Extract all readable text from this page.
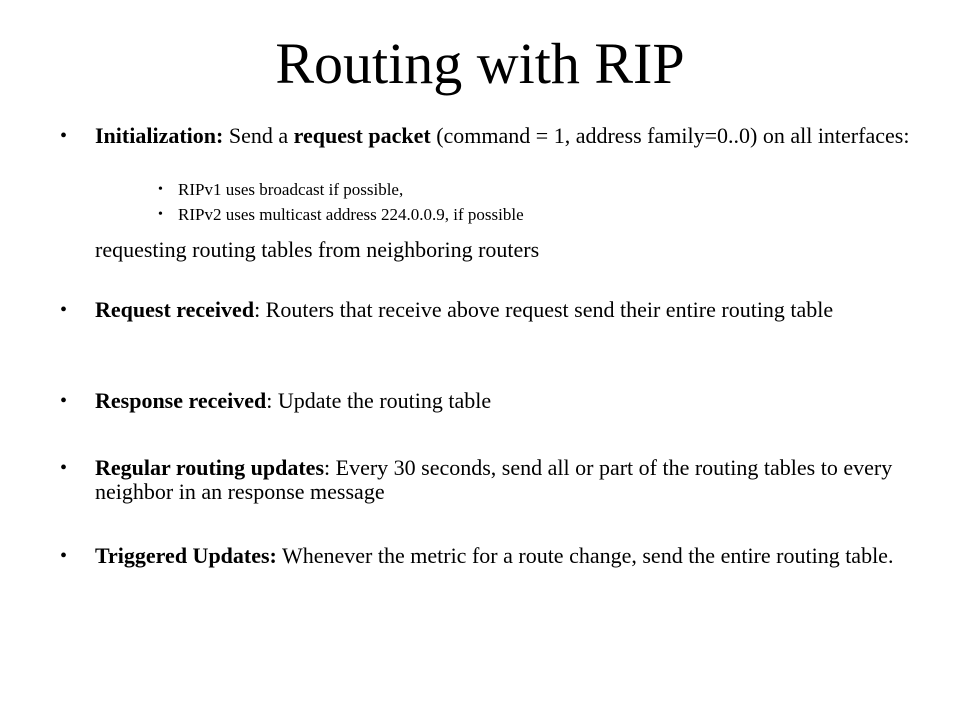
Routing with RIP
• Initialization: Send a request packet (command = 1, address family=0..0) on all interfaces:
• RIPv1 uses broadcast if possible,
• RIPv2 uses multicast address 224.0.0.9, if possible
requesting routing tables from neighboring routers
• Request received: Routers that receive above request send their entire routing table
• Response received: Update the routing table
• Regular routing updates: Every 30 seconds, send all or part of the routing tables to every neighbor in an response message
• Triggered Updates: Whenever the metric for a route change, send the entire routing table.
